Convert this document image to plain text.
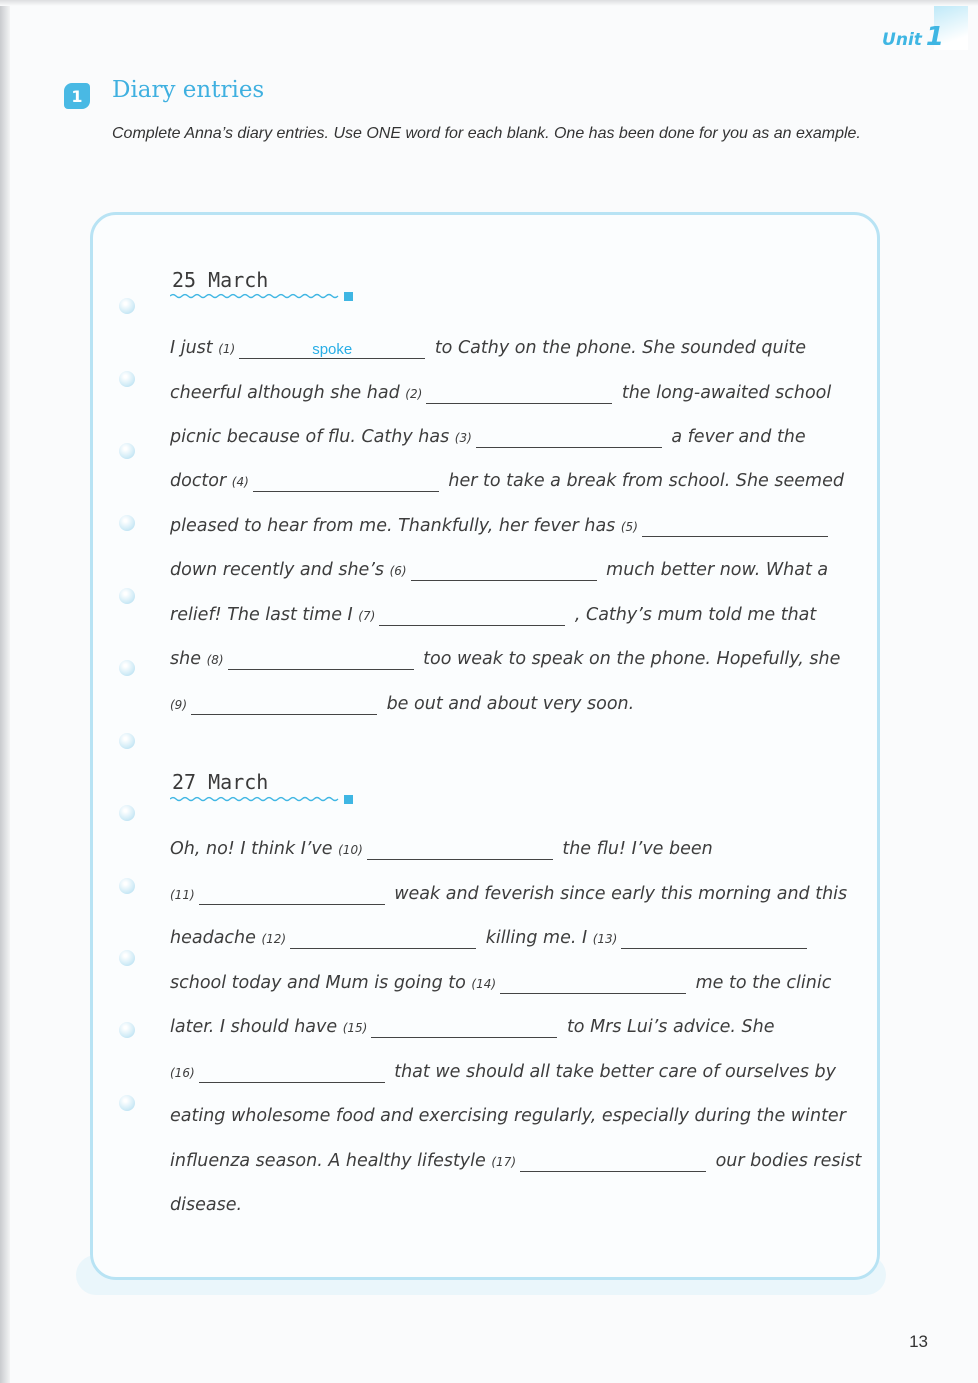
Unit 1
1	Diary entries
Complete Anna’s diary entries. Use ONE word for each blank. One has been done for you as an example.
25 March
I just (1)	spoke	to Cathy on the phone. She sounded quite
cheerful although she had (2)	the long-awaited school
picnic because of flu. Cathy has (3)	a fever and the
doctor (4)	her to take a break from school. She seemed
pleased to hear from me. Thankfully, her fever has (5)
down recently and she’s (6)	much better now. What a
relief! The last time I (7)	, Cathy’s mum told me that
she (8)	too weak to speak on the phone. Hopefully, she
(9)	be out and about very soon.
27 March
Oh, no! I think I’ve (10)	the flu! I’ve been
(11)	weak and feverish since early this morning and this
headache (12)	killing me. I (13)
school today and Mum is going to (14)	me to the clinic
later. I should have (15)	to Mrs Lui’s advice. She
(16)	that we should all take better care of ourselves by
eating wholesome food and exercising regularly, especially during the winter
influenza season. A healthy lifestyle (17)	our bodies resist
disease.
13
